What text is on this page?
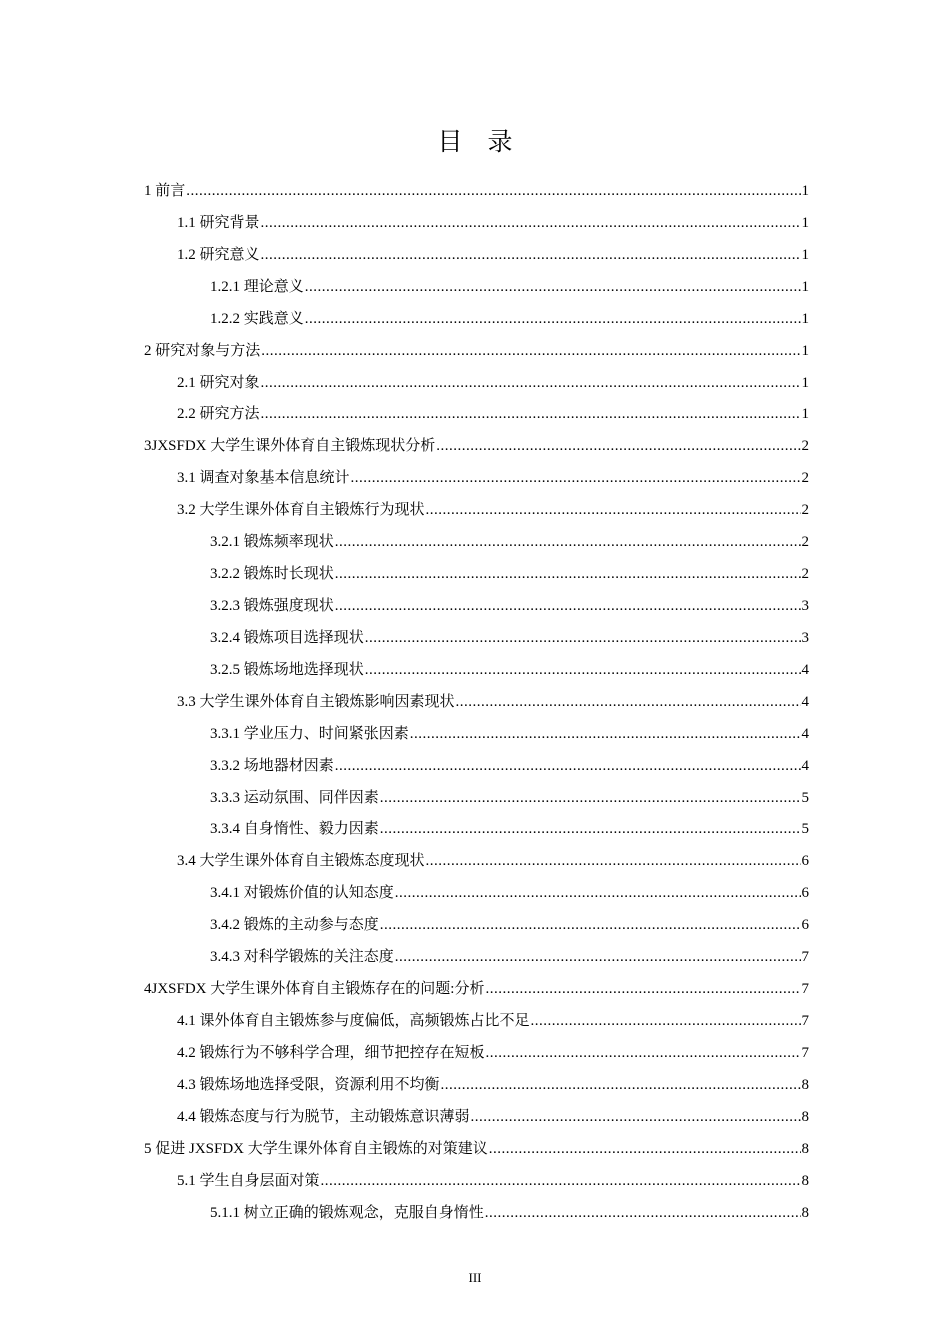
目　录
1 前言 .....	1
1.1 研究背景 .....	1
1.2 研究意义 .....	1
1.2.1 理论意义 .....	1
1.2.2 实践意义 .....	1
2 研究对象与方法 .....	1
2.1 研究对象 .....	1
2.2 研究方法 .....	1
3JXSFDX 大学生课外体育自主锻炼现状分析 .....	2
3.1 调查对象基本信息统计 .....	2
3.2 大学生课外体育自主锻炼行为现状 .....	2
3.2.1 锻炼频率现状 .....	2
3.2.2 锻炼时长现状 .....	2
3.2.3 锻炼强度现状 .....	3
3.2.4 锻炼项目选择现状 .....	3
3.2.5 锻炼场地选择现状 .....	4
3.3 大学生课外体育自主锻炼影响因素现状 .....	4
3.3.1 学业压力、时间紧张因素 .....	4
3.3.2 场地器材因素 .....	4
3.3.3 运动氛围、同伴因素 .....	5
3.3.4 自身惰性、毅力因素 .....	5
3.4 大学生课外体育自主锻炼态度现状 .....	6
3.4.1 对锻炼价值的认知态度 .....	6
3.4.2 锻炼的主动参与态度 .....	6
3.4.3 对科学锻炼的关注态度 .....	7
4JXSFDX 大学生课外体育自主锻炼存在的问题:分析 .....	7
4.1 课外体育自主锻炼参与度偏低，高频锻炼占比不足 .....	7
4.2 锻炼行为不够科学合理，细节把控存在短板 .....	7
4.3 锻炼场地选择受限，资源利用不均衡 .....	8
4.4 锻炼态度与行为脱节，主动锻炼意识薄弱 .....	8
5 促进 JXSFDX 大学生课外体育自主锻炼的对策建议 .....	8
5.1 学生自身层面对策 .....	8
5.1.1 树立正确的锻炼观念，克服自身惰性 .....	8
III
